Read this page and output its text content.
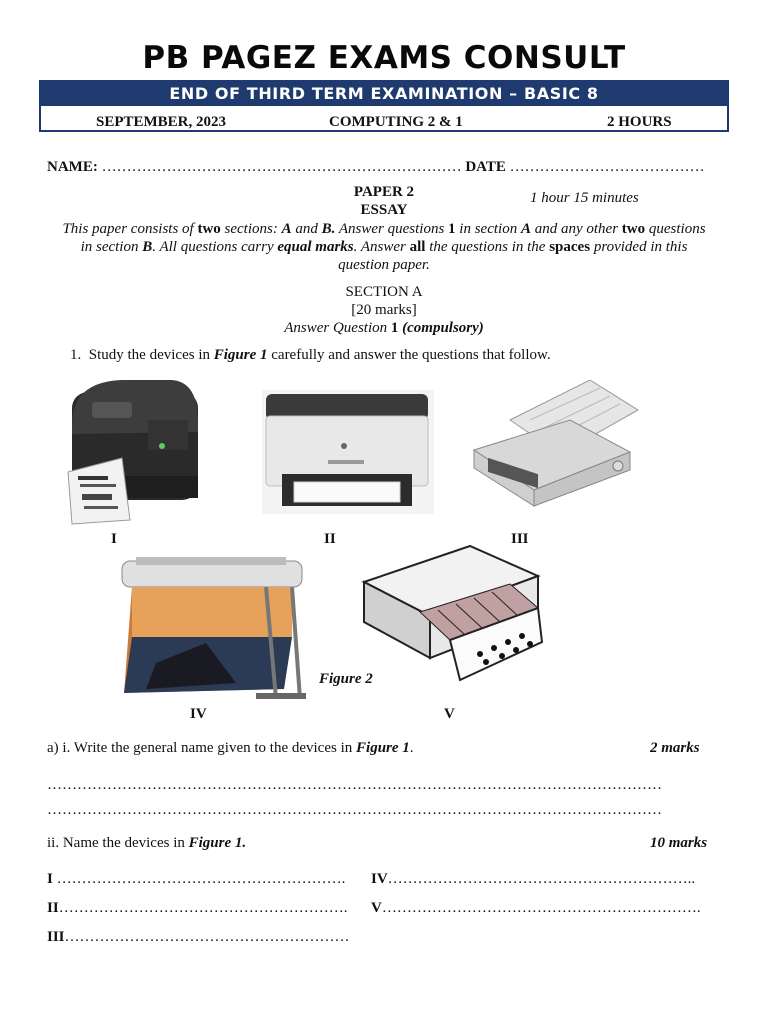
PB PAGEZ EXAMS CONSULT
END OF THIRD TERM EXAMINATION – BASIC 8
SEPTEMBER, 2023	COMPUTING 2 & 1	2 HOURS
NAME: ……………………………………………………………… DATE …………………………………
PAPER 2
ESSAY
1 hour 15 minutes
This paper consists of two sections: A and B. Answer questions 1 in section A and any other two questions
in section B. All questions carry equal marks. Answer all the questions in the spaces provided in this
question paper.
SECTION A
[20 marks]
Answer Question 1 (compulsory)
1. Study the devices in Figure 1 carefully and answer the questions that follow.
I	II	III
Figure 2
IV	V
a) i. Write the general name given to the devices in Figure 1.	2 marks
……………………………………………………………………………………………………………
……………………………………………………………………………………………………………
ii. Name the devices in Figure 1.	10 marks
I ………………………………………………….
II………………………………………………….
III…………………………………………………
IV……………………………………………………..
V……………………………………………………….
